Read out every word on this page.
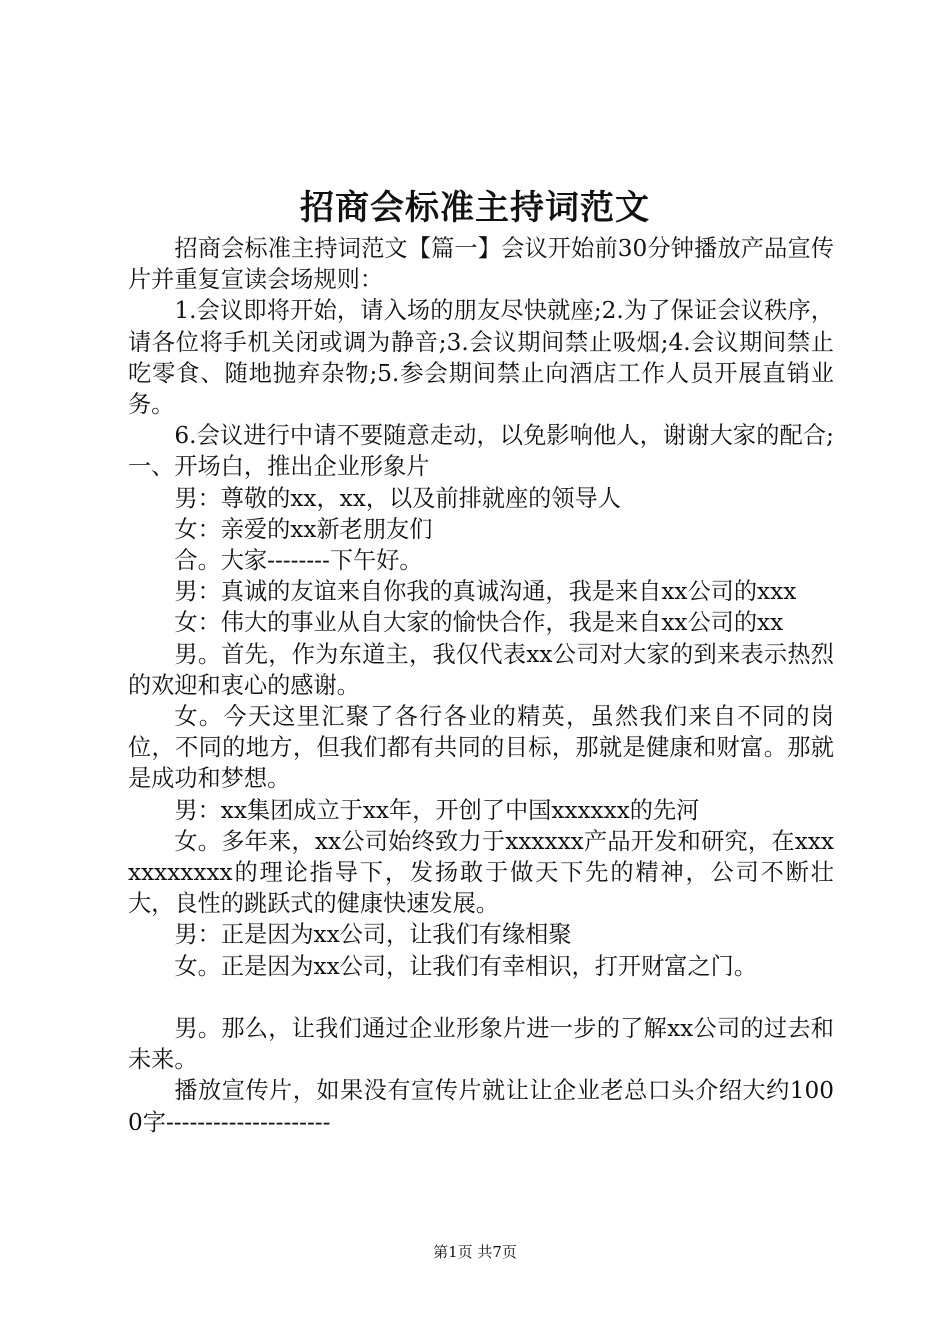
招商会标准主持词范文

招商会标准主持词范文【篇一】会议开始前30分钟播放产品宣传片并重复宣读会场规则：

1.会议即将开始，请入场的朋友尽快就座;2.为了保证会议秩序，请各位将手机关闭或调为静音;3.会议期间禁止吸烟;4.会议期间禁止吃零食、随地抛弃杂物;5.参会期间禁止向酒店工作人员开展直销业务。

6.会议进行中请不要随意走动，以免影响他人，谢谢大家的配合;一、开场白，推出企业形象片

男：尊敬的xx，xx，以及前排就座的领导人

女：亲爱的xx新老朋友们

合。大家--------下午好。

男：真诚的友谊来自你我的真诚沟通，我是来自xx公司的xxx

女：伟大的事业从自大家的愉快合作，我是来自xx公司的xx

男。首先，作为东道主，我仅代表xx公司对大家的到来表示热烈的欢迎和衷心的感谢。

女。今天这里汇聚了各行各业的精英，虽然我们来自不同的岗位，不同的地方，但我们都有共同的目标，那就是健康和财富。那就是成功和梦想。

男：xx集团成立于xx年，开创了中国xxxxxx的先河

女。多年来，xx公司始终致力于xxxxxx产品开发和研究，在xxxxxxxxxxx的理论指导下，发扬敢于做天下先的精神，公司不断壮大，良性的跳跃式的健康快速发展。

男：正是因为xx公司，让我们有缘相聚

女。正是因为xx公司，让我们有幸相识，打开财富之门。

男。那么，让我们通过企业形象片进一步的了解xx公司的过去和未来。

播放宣传片，如果没有宣传片就让让企业老总口头介绍大约1000字---------------------

第1页 共7页
